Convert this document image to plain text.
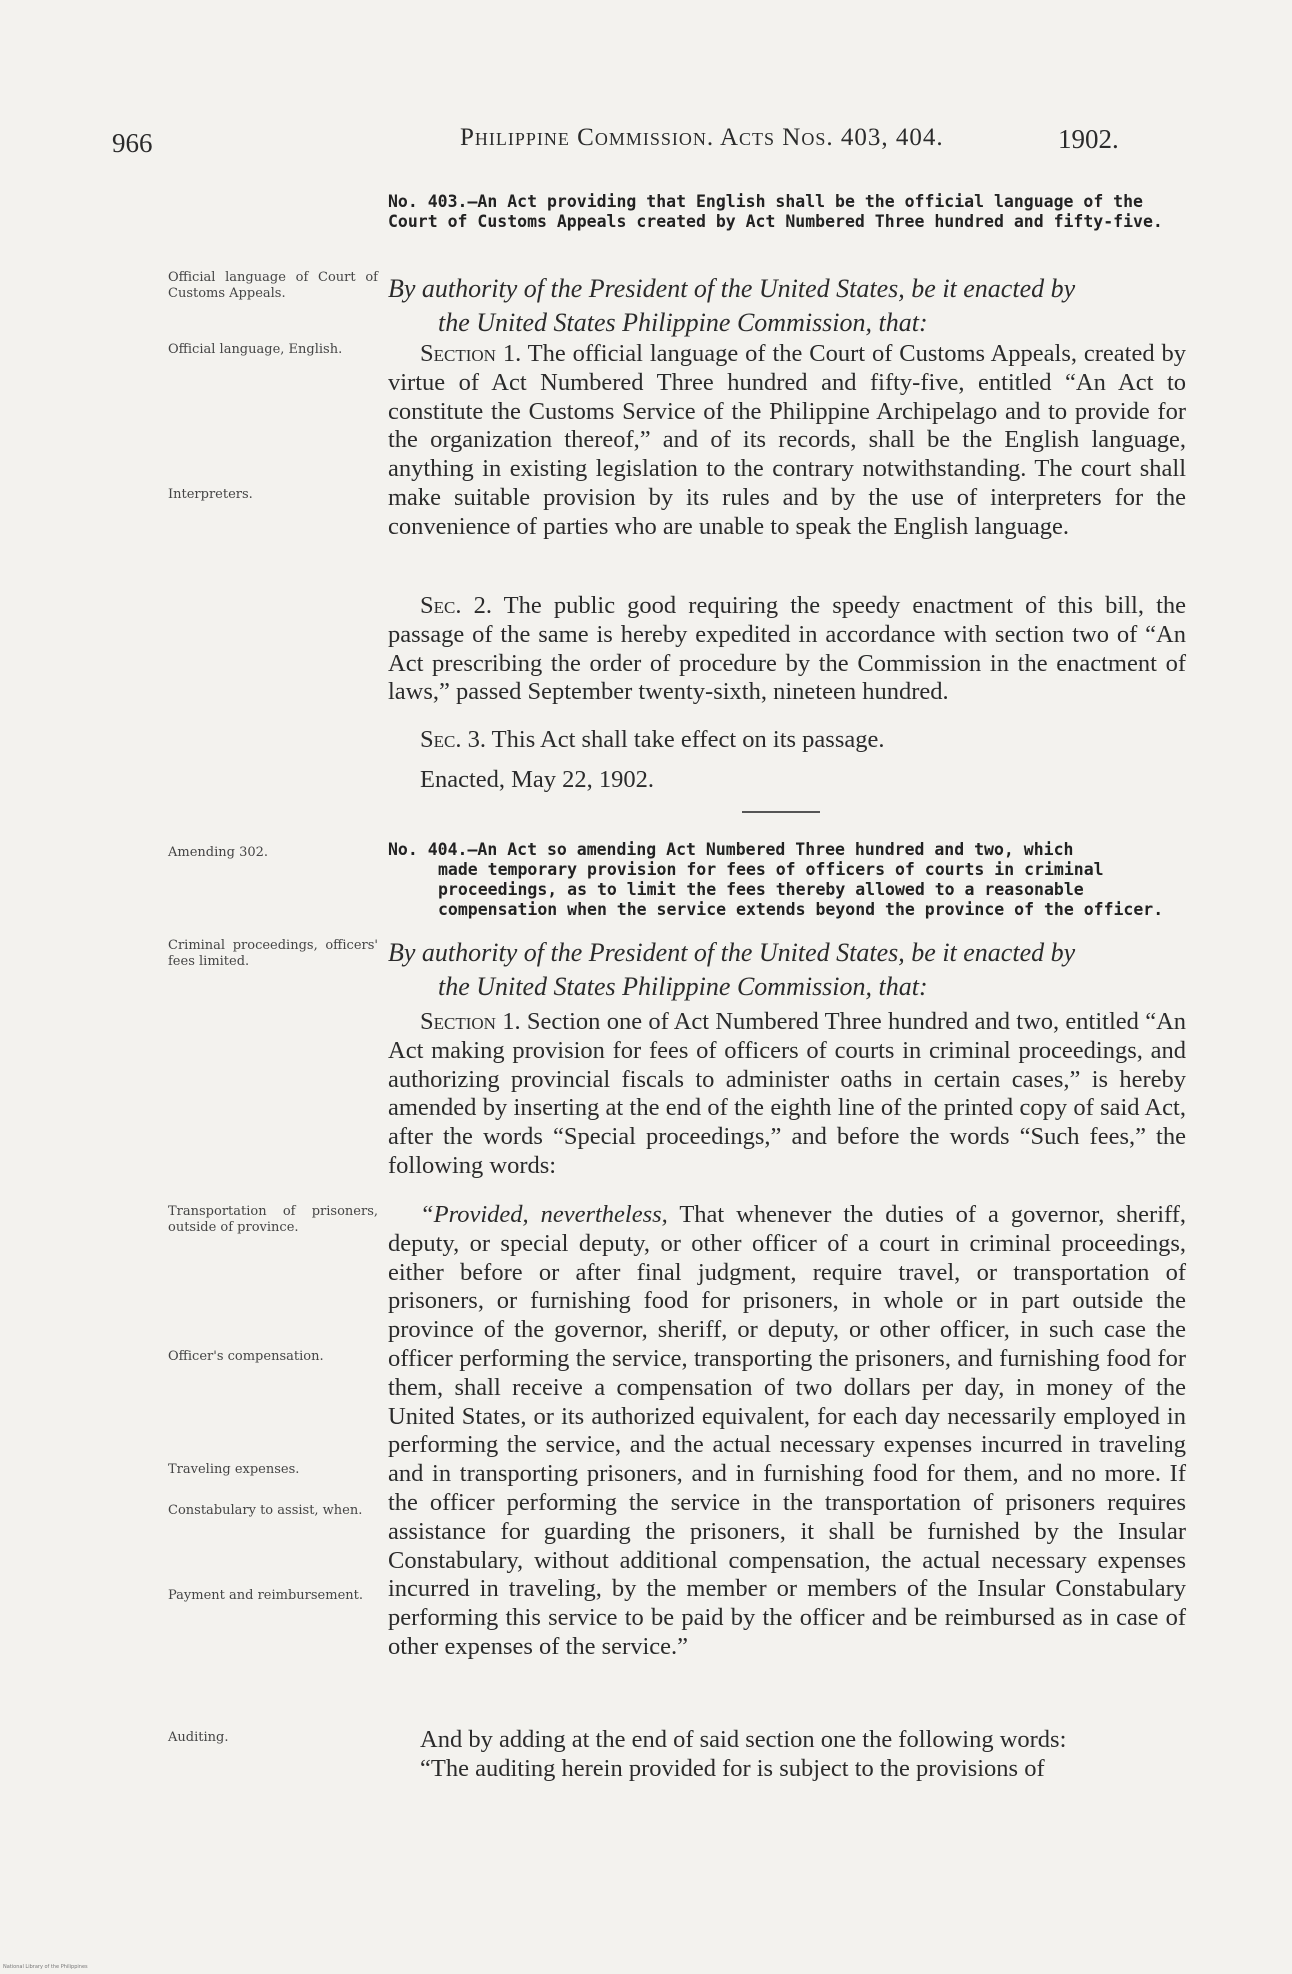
966	Philippine Commission. Acts Nos. 403, 404.	1902.
No. 403.—An Act providing that English shall be the official language of the Court of Customs Appeals created by Act Numbered Three hundred and fifty-five.
Official language of Court of Customs Appeals.	By authority of the President of the United States, be it enacted by
the United States Philippine Commission, that:
Official language, English.	Section 1. The official language of the Court of Customs Appeals, created by virtue of Act Numbered Three hundred and fifty-five, entitled “An Act to constitute the Customs Service of the Philippine Archipelago and to provide for the organization thereof,” and of its records, shall be the English language, anything in existing legislation to the contrary notwithstanding. The court shall make suitable provision by its rules and by the use of interpreters for the convenience of parties who are unable to speak the English language.
Interpreters.
Sec. 2. The public good requiring the speedy enactment of this bill, the passage of the same is hereby expedited in accordance with section two of “An Act prescribing the order of procedure by the Commission in the enactment of laws,” passed September twenty-sixth, nineteen hundred.
Sec. 3. This Act shall take effect on its passage.
Enacted, May 22, 1902.
Amending 302.	No. 404.—An Act so amending Act Numbered Three hundred and two, which
made temporary provision for fees of officers of courts in criminal proceedings, as to limit the fees thereby allowed to a reasonable compensation when the service extends beyond the province of the officer.
Criminal proceedings, officers' fees limited.	By authority of the President of the United States, be it enacted by
the United States Philippine Commission, that:
Section 1. Section one of Act Numbered Three hundred and two, entitled “An Act making provision for fees of officers of courts in criminal proceedings, and authorizing provincial fiscals to administer oaths in certain cases,” is hereby amended by inserting at the end of the eighth line of the printed copy of said Act, after the words “Special proceedings,” and before the words “Such fees,” the following words:
Transportation of prisoners, outside of province.	“Provided, nevertheless, That whenever the duties of a governor, sheriff, deputy, or special deputy, or other officer of a court in criminal proceedings, either before or after final judgment, require travel, or transportation of prisoners, or furnishing food for prisoners, in whole or in part outside the province of the governor, sheriff, or deputy, or other officer, in such case the officer performing the service, transporting the prisoners, and furnishing food for them, shall receive a compensation of two dollars per day, in money of the United States, or its authorized equivalent, for each day necessarily employed in performing the service, and the actual necessary expenses incurred in traveling and in transporting prisoners, and in furnishing food for them, and no more. If the officer performing the service in the transportation of prisoners requires assistance for guarding the prisoners, it shall be furnished by the Insular Constabulary, without additional compensation, the actual necessary expenses incurred in traveling, by the member or members of the Insular Constabulary performing this service to be paid by the officer and be reimbursed as in case of other expenses of the service.”
Officer's compensation.
Traveling expenses.
Constabulary to assist, when.
Payment and reimbursement.
Auditing.	And by adding at the end of said section one the following words:
“The auditing herein provided for is subject to the provisions of
National Library of the Philippines
